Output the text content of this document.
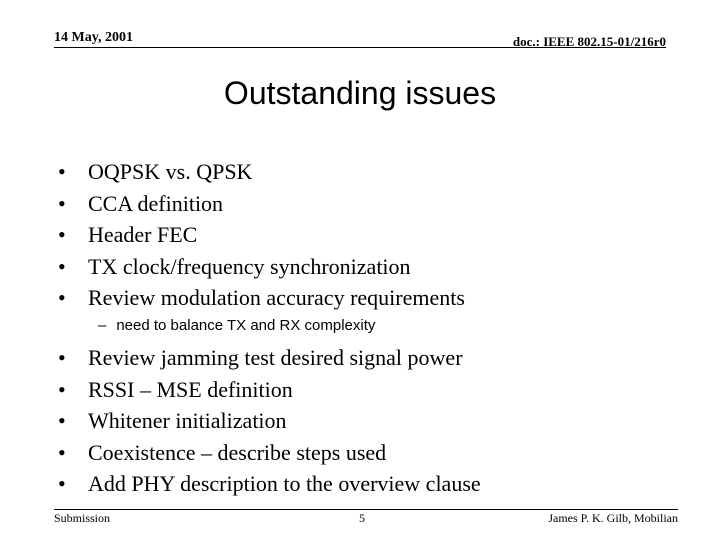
14 May, 2001	doc.: IEEE 802.15-01/216r0
Outstanding issues
• OQPSK vs. QPSK
• CCA definition
• Header FEC
• TX clock/frequency synchronization
• Review modulation accuracy requirements
– need to balance TX and RX complexity
• Review jamming test desired signal power
• RSSI – MSE definition
• Whitener initialization
• Coexistence – describe steps used
• Add PHY description to the overview clause
Submission	5	James P. K. Gilb, Mobilian
